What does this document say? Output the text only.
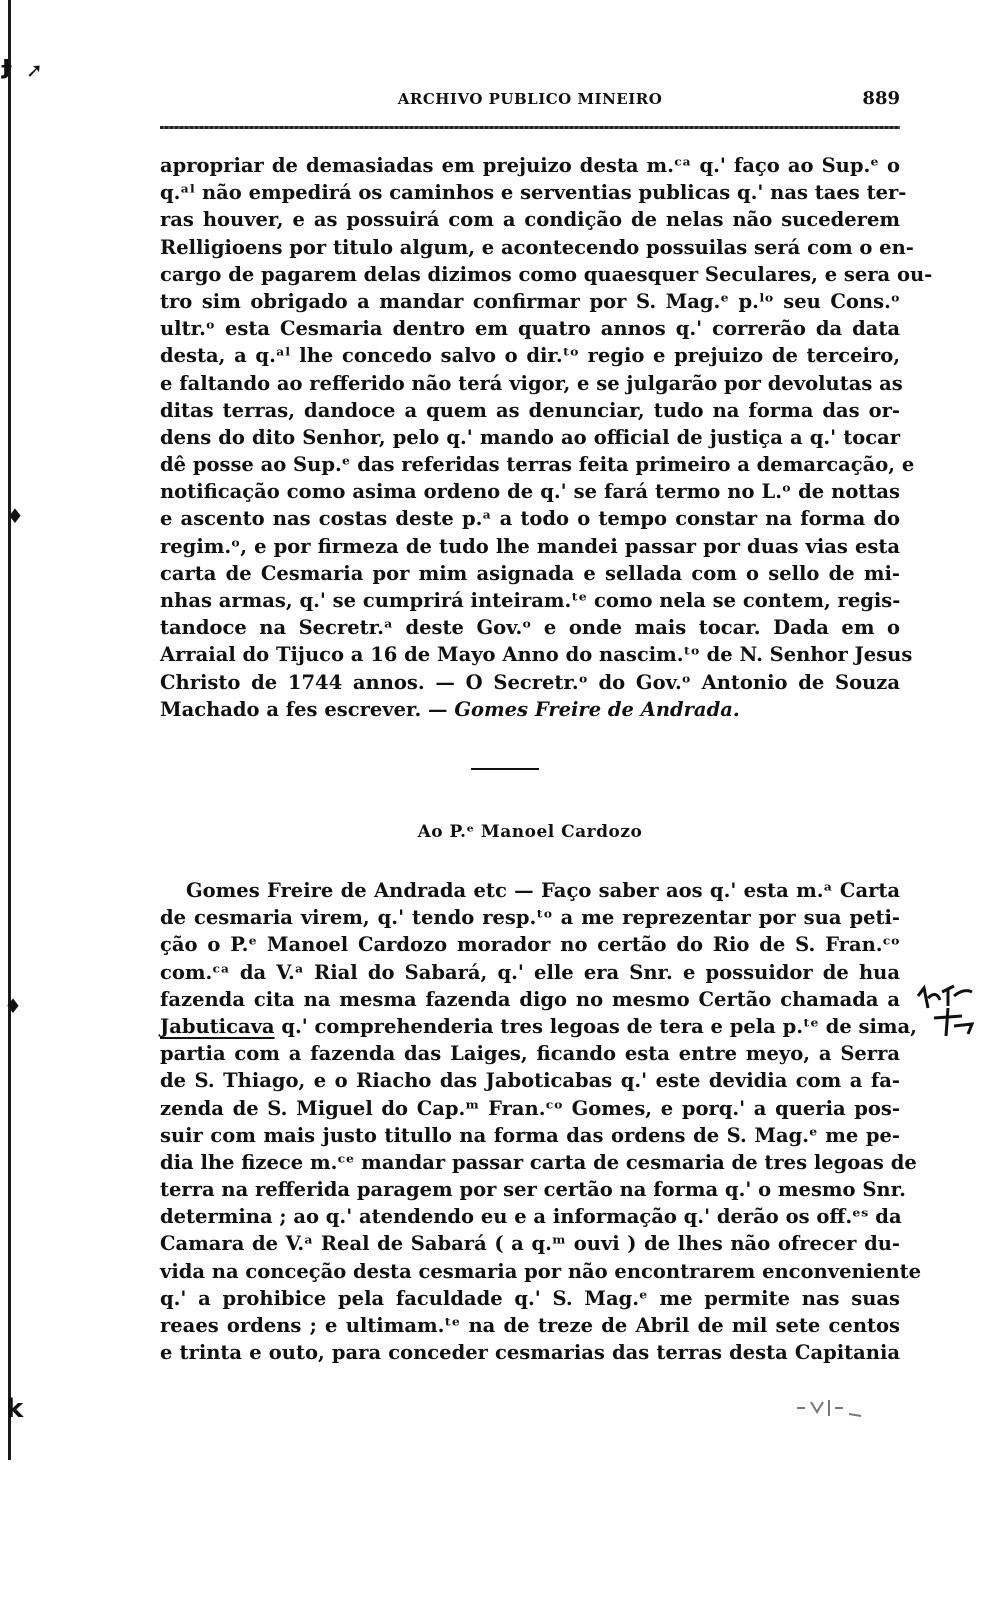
ɟ ➚
♦
♦
k
ARCHIVO PUBLICO MINEIRO	889
apropriar de demasiadas em prejuizo desta m.ᶜᵃ q.' faço ao Sup.ᵉ o
q.ᵃˡ não empedirá os caminhos e serventias publicas q.' nas taes ter-
ras houver, e as possuirá com a condição de nelas não sucederem
Relligioens por titulo algum, e acontecendo possuilas será com o en-
cargo de pagarem delas dizimos como quaesquer Seculares, e sera ou-
tro sim obrigado a mandar confirmar por S. Mag.ᵉ p.ˡᵒ seu Cons.ᵒ
ultr.ᵒ esta Cesmaria dentro em quatro annos q.' correrão da data
desta, a q.ᵃˡ lhe concedo salvo o dir.ᵗᵒ regio e prejuizo de terceiro,
e faltando ao refferido não terá vigor, e se julgarão por devolutas as
ditas terras, dandoce a quem as denunciar, tudo na forma das or-
dens do dito Senhor, pelo q.' mando ao official de justiça a q.' tocar
dê posse ao Sup.ᵉ das referidas terras feita primeiro a demarcação, e
notificação como asima ordeno de q.' se fará termo no L.ᵒ de nottas
e ascento nas costas deste p.ᵃ a todo o tempo constar na forma do
regim.ᵒ, e por firmeza de tudo lhe mandei passar por duas vias esta
carta de Cesmaria por mim asignada e sellada com o sello de mi-
nhas armas, q.' se cumprirá inteiram.ᵗᵉ como nela se contem, regis-
tandoce na Secretr.ᵃ deste Gov.ᵒ e onde mais tocar. Dada em o
Arraial do Tijuco a 16 de Mayo Anno do nascim.ᵗᵒ de N. Senhor Jesus
Christo de 1744 annos. — O Secretr.ᵒ do Gov.ᵒ Antonio de Souza
Machado a fes escrever. — Gomes Freire de Andrada.
Ao P.ᵉ Manoel Cardozo
Gomes Freire de Andrada etc — Faço saber aos q.' esta m.ᵃ Carta
de cesmaria virem, q.' tendo resp.ᵗᵒ a me reprezentar por sua peti-
ção o P.ᵉ Manoel Cardozo morador no certão do Rio de S. Fran.ᶜᵒ
com.ᶜᵃ da V.ᵃ Rial do Sabará, q.' elle era Snr. e possuidor de hua
fazenda cita na mesma fazenda digo no mesmo Certão chamada a
Jabuticava q.' comprehenderia tres legoas de tera e pela p.ᵗᵉ de sima,
partia com a fazenda das Laiges, ficando esta entre meyo, a Serra
de S. Thiago, e o Riacho das Jaboticabas q.' este devidia com a fa-
zenda de S. Miguel do Cap.ᵐ Fran.ᶜᵒ Gomes, e porq.' a queria pos-
suir com mais justo titullo na forma das ordens de S. Mag.ᵉ me pe-
dia lhe fizece m.ᶜᵉ mandar passar carta de cesmaria de tres legoas de
terra na refferida paragem por ser certão na forma q.' o mesmo Snr.
determina ; ao q.' atendendo eu e a informação q.' derão os off.ᵉˢ da
Camara de V.ᵃ Real de Sabará ( a q.ᵐ ouvi ) de lhes não ofrecer du-
vida na conceção desta cesmaria por não encontrarem enconveniente
q.' a prohibice pela faculdade q.' S. Mag.ᵉ me permite nas suas
reaes ordens ; e ultimam.ᵗᵉ na de treze de Abril de mil sete centos
e trinta e outo, para conceder cesmarias das terras desta Capitania
